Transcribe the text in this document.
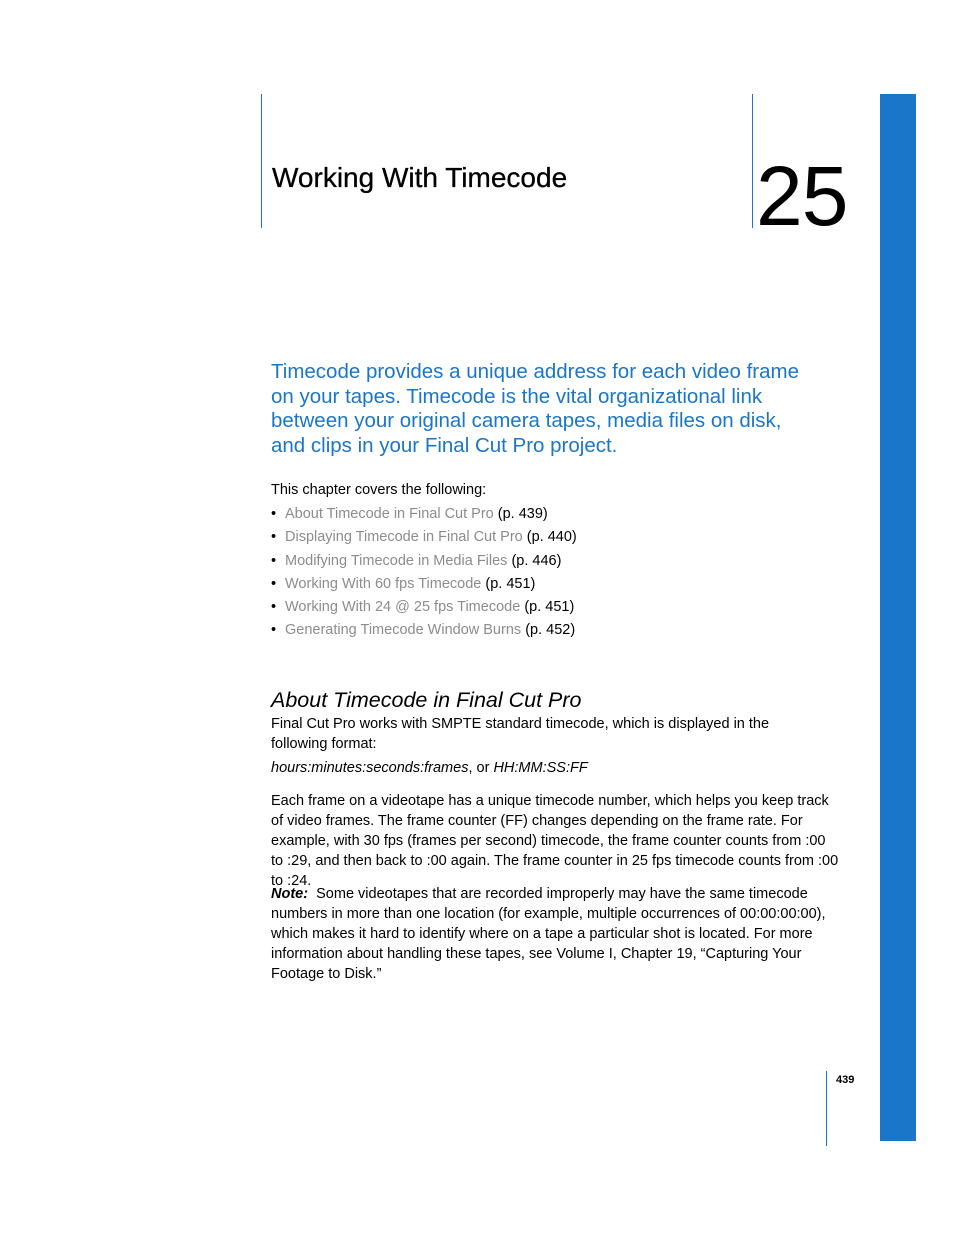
Working With Timecode 25

Timecode provides a unique address for each video frame on your tapes. Timecode is the vital organizational link between your original camera tapes, media files on disk, and clips in your Final Cut Pro project.

This chapter covers the following:

• About Timecode in Final Cut Pro (p. 439)
• Displaying Timecode in Final Cut Pro (p. 440)
• Modifying Timecode in Media Files (p. 446)
• Working With 60 fps Timecode (p. 451)
• Working With 24 @ 25 fps Timecode (p. 451)
• Generating Timecode Window Burns (p. 452)
About Timecode in Final Cut Pro

Final Cut Pro works with SMPTE standard timecode, which is displayed in the following format:

hours:minutes:seconds:frames, or HH:MM:SS:FF

Each frame on a videotape has a unique timecode number, which helps you keep track of video frames. The frame counter (FF) changes depending on the frame rate. For example, with 30 fps (frames per second) timecode, the frame counter counts from :00 to :29, and then back to :00 again. The frame counter in 25 fps timecode counts from :00 to :24.

Note: Some videotapes that are recorded improperly may have the same timecode numbers in more than one location (for example, multiple occurrences of 00:00:00:00), which makes it hard to identify where on a tape a particular shot is located. For more information about handling these tapes, see Volume I, Chapter 19, “Capturing Your Footage to Disk.”

439
